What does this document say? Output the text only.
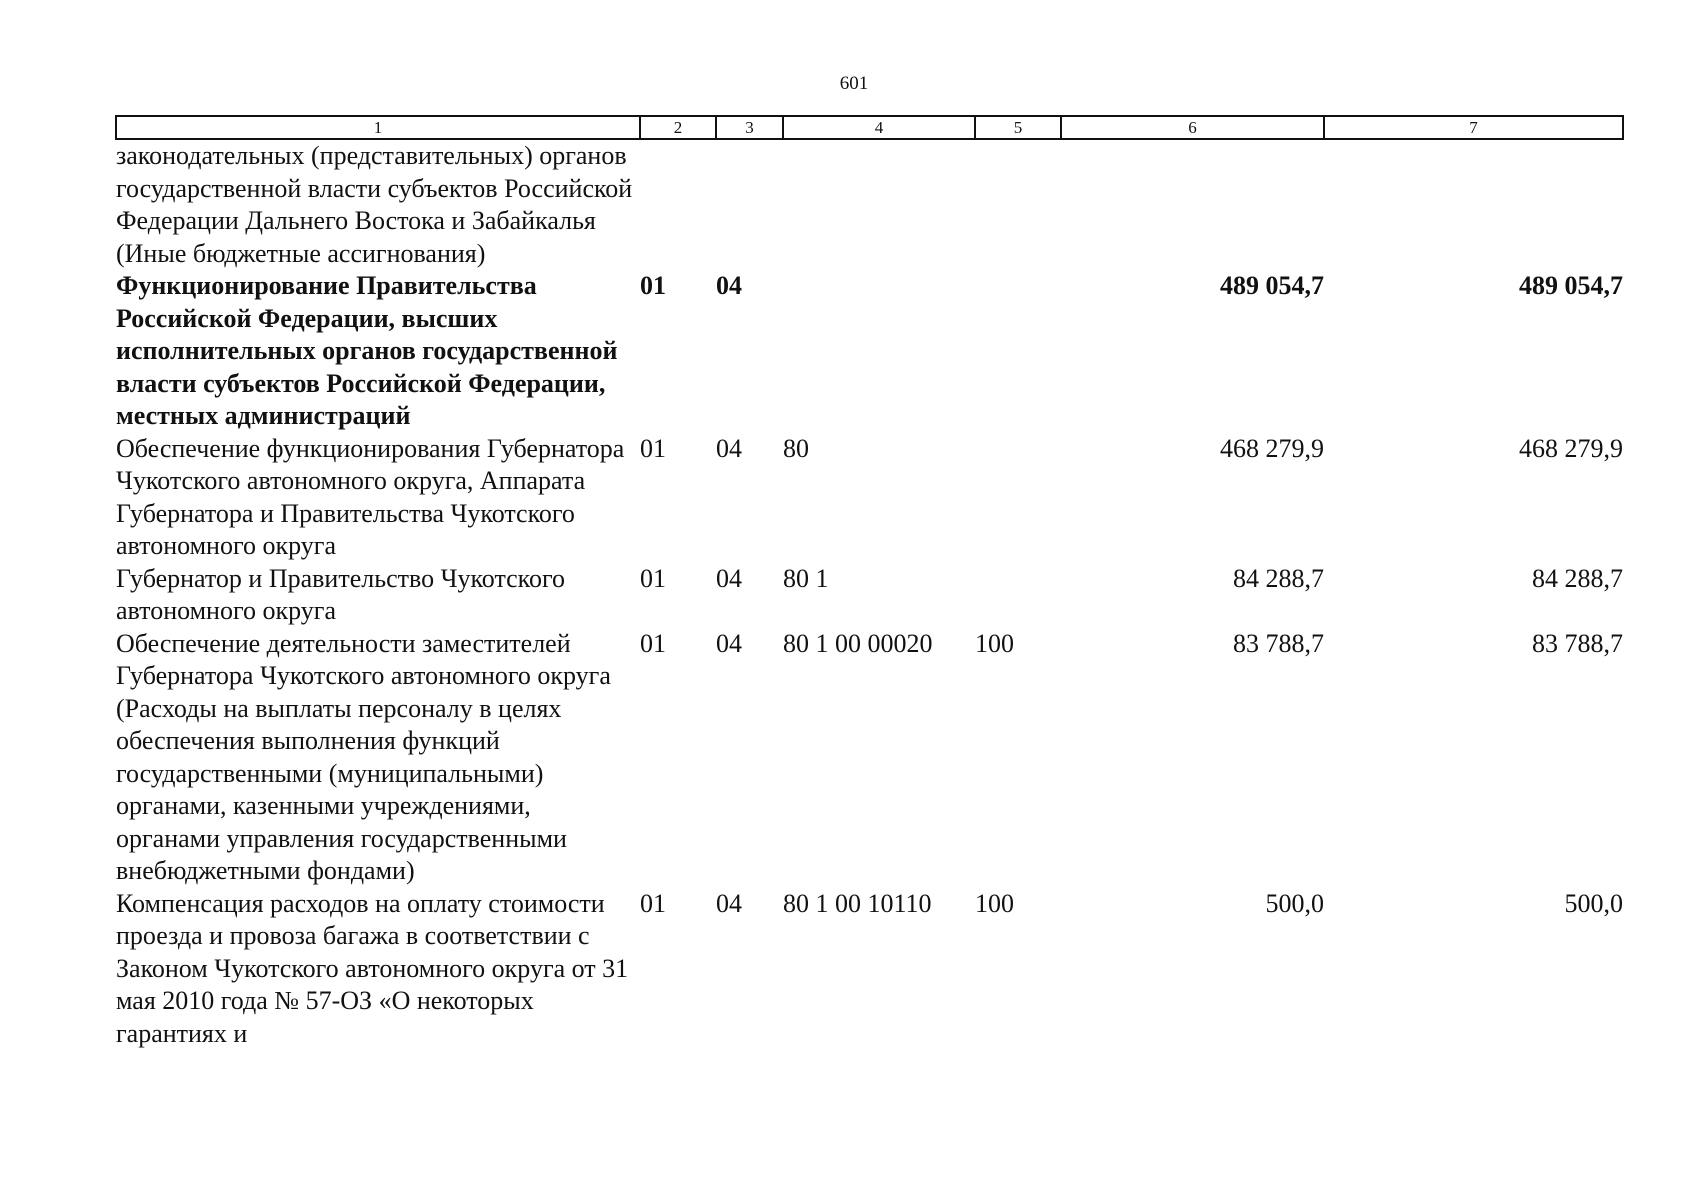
601
1	2	3	4	5	6	7
законодательных (представительных) органов государственной власти субъектов Российской Федерации Дальнего Востока и Забайкалья (Иные бюджетные ассигнования)						
Функционирование Правительства Российской Федерации, высших исполнительных органов государственной власти субъектов Российской Федерации, местных администраций	01	04			489 054,7	489 054,7
Обеспечение функционирования Губернатора Чукотского автономного округа, Аппарата Губернатора и Правительства Чукотского автономного округа	01	04	80		468 279,9	468 279,9
Губернатор и Правительство Чукотского автономного округа	01	04	80 1		84 288,7	84 288,7
Обеспечение деятельности заместителей Губернатора Чукотского автономного округа (Расходы на выплаты персоналу в целях обеспечения выполнения функций государственными (муниципальными) органами, казенными учреждениями, органами управления государственными внебюджетными фондами)	01	04	80 1 00 00020	100	83 788,7	83 788,7
Компенсация расходов на оплату стоимости проезда и провоза багажа в соответствии с Законом Чукотского автономного округа от 31 мая 2010 года № 57-ОЗ «О некоторых гарантиях и	01	04	80 1 00 10110	100	500,0	500,0
